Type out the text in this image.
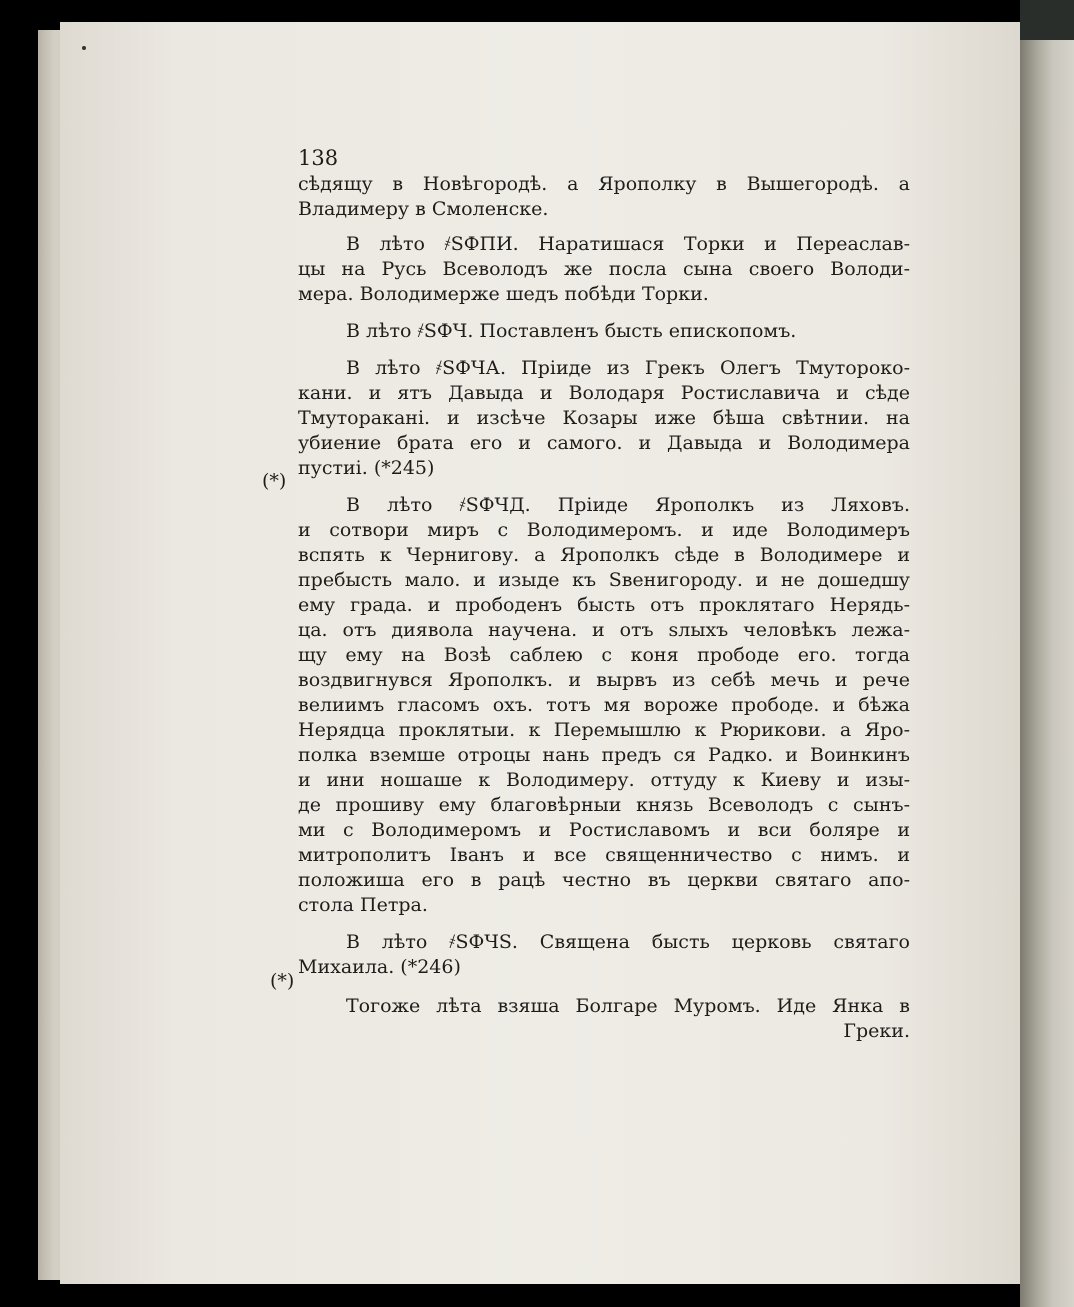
138
сѣдящу в Новѣгородѣ. а Ярополку в Вышегородѣ. а
Владимеру в Смоленске.
В лѣто ҂ЅФПИ. Наратишася Торки и Переаслав-
цы на Русь Всеволодъ же посла сына своего Володи-
мера. Володимерже шедъ побѣди Торки.
В лѣто ҂ЅФЧ. Поставленъ бысть епископомъ.
В лѣто ҂ЅФЧА. Прiиде из Грекъ Олегъ Тмутороко-
кани. и ятъ Давыда и Володаря Ростиславича и сѣде
Тмутораканi. и изсѣче Козары иже бѣша свѣтнии. на
убиение брата его и самого. и Давыда и Володимера
пустиі. (*245)
В лѣто ҂ЅФЧД. Прiиде Ярополкъ из Ляховъ.
и сотвори миръ с Володимеромъ. и иде Володимеръ
вспять к Чернигову. а Ярополкъ сѣде в Володимере и
пребысть мало. и изыде къ Ѕвенигороду. и не дошедшу
ему града. и прободенъ бысть отъ проклятаго Нерядь-
ца. отъ диявола научена. и отъ ѕлыхъ человѣкъ лежа-
щу ему на Возѣ саблею с коня прободе его. тогда
воздвигнувся Ярополкъ. и вырвъ из себѣ мечь и рече
велиимъ гласомъ охъ. тотъ мя вороже прободе. и бѣжа
Нерядца проклятыи. к Перемышлю к Рюрикови. а Яро-
полка вземше отроцы нань предъ ся Радко. и Воинкинъ
и ини нoшаше к Володимеру. оттуду к Киеву и изы-
де прошиву ему благовѣрныи князь Всеволодъ с сынъ-
ми с Володимеромъ и Ростиславомъ и вси боляре и
митрополитъ Iванъ и все священничество с нимъ. и
положиша его в рацѣ честно въ церкви святаго апо-
стола Петра.
В лѣто ҂ЅФЧЅ. Священа бысть церковь святаго
Михаила. (*246)
Тогоже лѣта взяша Болгаре Муромъ. Иде Янка в
Греки.
(*)
(*)
